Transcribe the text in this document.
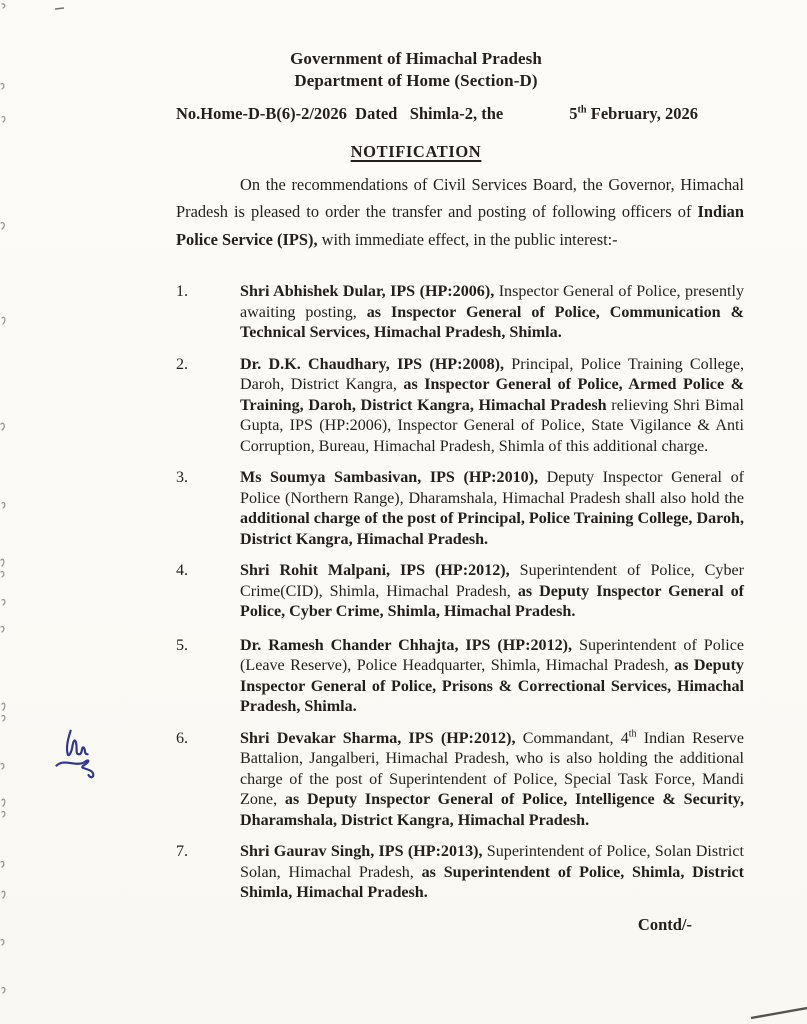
Government of Himachal Pradesh
Department of Home (Section-D)
No.Home-D-B(6)-2/2026  Dated   Shimla-2, the	5th February, 2026
NOTIFICATION
On the recommendations of Civil Services Board, the Governor, Himachal Pradesh is pleased to order the transfer and posting of following officers of Indian Police Service (IPS), with immediate effect, in the public interest:-
1.	Shri Abhishek Dular, IPS (HP:2006), Inspector General of Police, presently awaiting posting, as Inspector General of Police, Communication & Technical Services, Himachal Pradesh, Shimla.
2.	Dr. D.K. Chaudhary, IPS (HP:2008), Principal, Police Training College, Daroh, District Kangra, as Inspector General of Police, Armed Police & Training, Daroh, District Kangra, Himachal Pradesh relieving Shri Bimal Gupta, IPS (HP:2006), Inspector General of Police, State Vigilance & Anti Corruption, Bureau, Himachal Pradesh, Shimla of this additional charge.
3.	Ms Soumya Sambasivan, IPS (HP:2010), Deputy Inspector General of Police (Northern Range), Dharamshala, Himachal Pradesh shall also hold the additional charge of the post of Principal, Police Training College, Daroh, District Kangra, Himachal Pradesh.
4.	Shri Rohit Malpani, IPS (HP:2012), Superintendent of Police, Cyber Crime(CID), Shimla, Himachal Pradesh, as Deputy Inspector General of Police, Cyber Crime, Shimla, Himachal Pradesh.
5.	Dr. Ramesh Chander Chhajta, IPS (HP:2012), Superintendent of Police (Leave Reserve), Police Headquarter, Shimla, Himachal Pradesh, as Deputy Inspector General of Police, Prisons & Correctional Services, Himachal Pradesh, Shimla.
6.	Shri Devakar Sharma, IPS (HP:2012), Commandant, 4th Indian Reserve Battalion, Jangalberi, Himachal Pradesh, who is also holding the additional charge of the post of Superintendent of Police, Special Task Force, Mandi Zone, as Deputy Inspector General of Police, Intelligence & Security, Dharamshala, District Kangra, Himachal Pradesh.
7.	Shri Gaurav Singh, IPS (HP:2013), Superintendent of Police, Solan District Solan, Himachal Pradesh, as Superintendent of Police, Shimla, District Shimla, Himachal Pradesh.
Contd/-
